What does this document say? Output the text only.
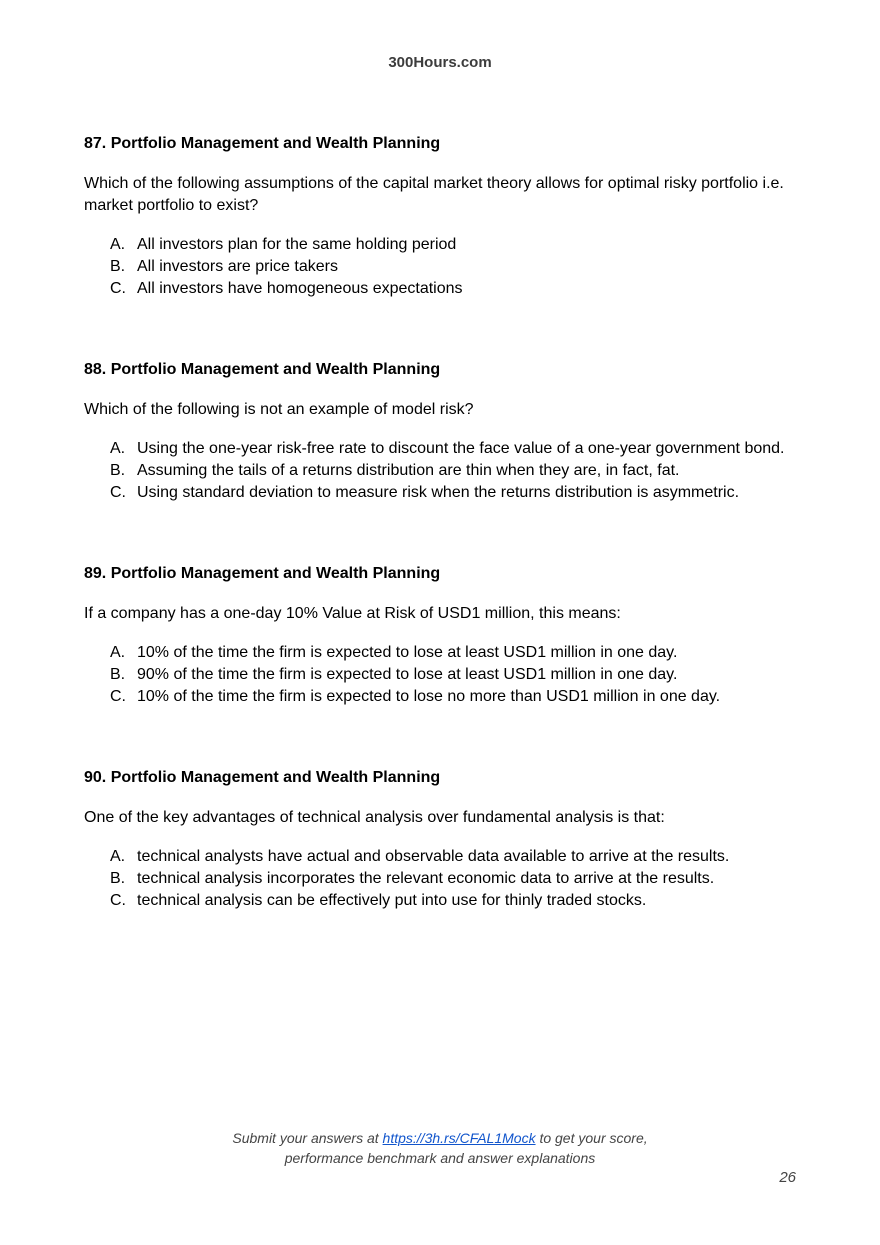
300Hours.com

87. Portfolio Management and Wealth Planning

Which of the following assumptions of the capital market theory allows for optimal risky portfolio i.e. market portfolio to exist?

A. All investors plan for the same holding period
B. All investors are price takers
C. All investors have homogeneous expectations

88. Portfolio Management and Wealth Planning

Which of the following is not an example of model risk?

A. Using the one-year risk-free rate to discount the face value of a one-year government bond.
B. Assuming the tails of a returns distribution are thin when they are, in fact, fat.
C. Using standard deviation to measure risk when the returns distribution is asymmetric.

89. Portfolio Management and Wealth Planning

If a company has a one-day 10% Value at Risk of USD1 million, this means:

A. 10% of the time the firm is expected to lose at least USD1 million in one day.
B. 90% of the time the firm is expected to lose at least USD1 million in one day.
C. 10% of the time the firm is expected to lose no more than USD1 million in one day.

90. Portfolio Management and Wealth Planning

One of the key advantages of technical analysis over fundamental analysis is that:

A. technical analysts have actual and observable data available to arrive at the results.
B. technical analysis incorporates the relevant economic data to arrive at the results.
C. technical analysis can be effectively put into use for thinly traded stocks.
Submit your answers at https://3h.rs/CFAL1Mock to get your score,
performance benchmark and answer explanations
26
